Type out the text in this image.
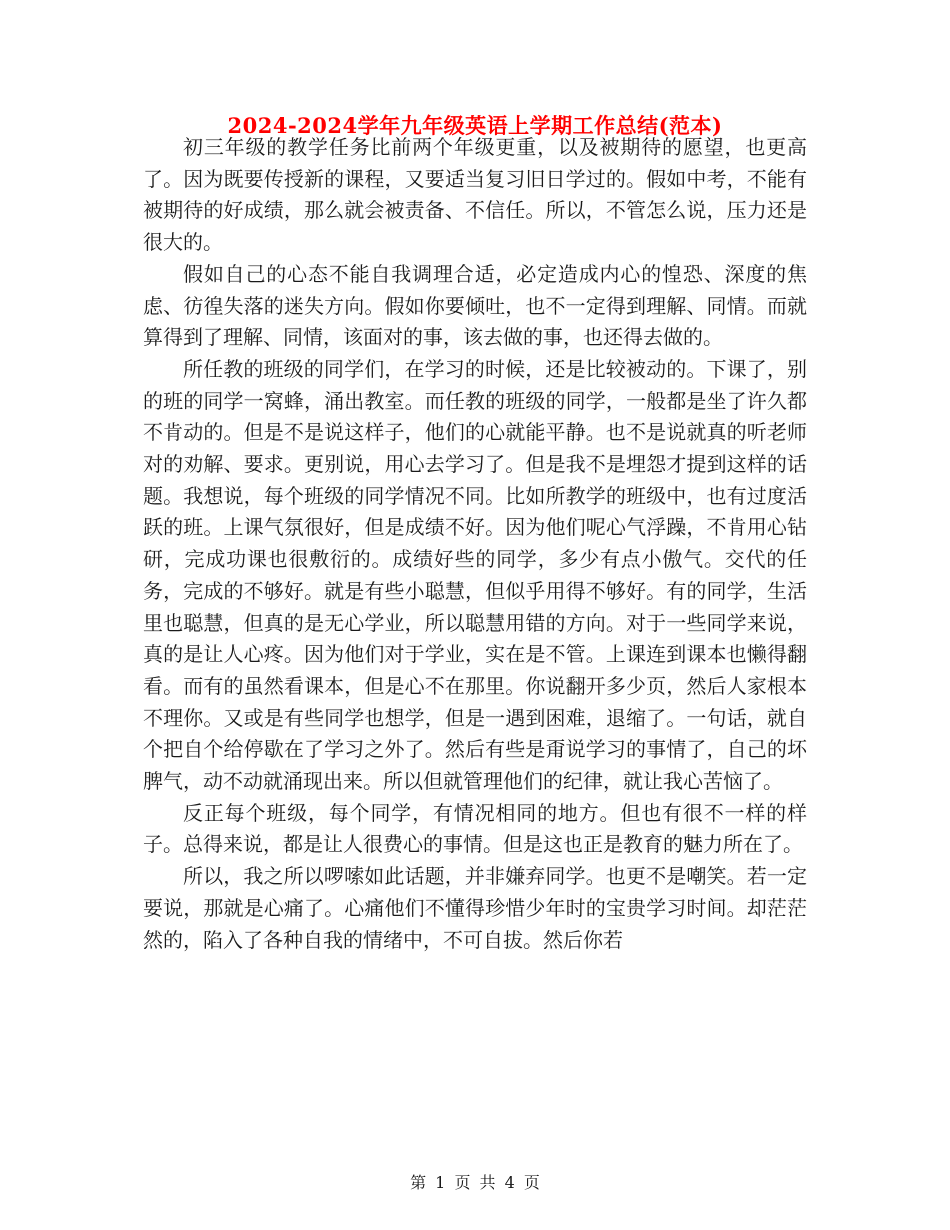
2024-2024学年九年级英语上学期工作总结(范本)

初三年级的教学任务比前两个年级更重，以及被期待的愿望，也更高了。因为既要传授新的课程，又要适当复习旧日学过的。假如中考，不能有被期待的好成绩，那么就会被责备、不信任。所以，不管怎么说，压力还是很大的。

假如自己的心态不能自我调理合适，必定造成内心的惶恐、深度的焦虑、彷徨失落的迷失方向。假如你要倾吐，也不一定得到理解、同情。而就算得到了理解、同情，该面对的事，该去做的事，也还得去做的。

所任教的班级的同学们，在学习的时候，还是比较被动的。下课了，别的班的同学一窝蜂，涌出教室。而任教的班级的同学，一般都是坐了许久都不肯动的。但是不是说这样子，他们的心就能平静。也不是说就真的听老师对的劝解、要求。更别说，用心去学习了。但是我不是埋怨才提到这样的话题。我想说，每个班级的同学情况不同。比如所教学的班级中，也有过度活跃的班。上课气氛很好，但是成绩不好。因为他们呢心气浮躁，不肯用心钻研，完成功课也很敷衍的。成绩好些的同学，多少有点小傲气。交代的任务，完成的不够好。就是有些小聪慧，但似乎用得不够好。有的同学，生活里也聪慧，但真的是无心学业，所以聪慧用错的方向。对于一些同学来说，真的是让人心疼。因为他们对于学业，实在是不管。上课连到课本也懒得翻看。而有的虽然看课本，但是心不在那里。你说翻开多少页，然后人家根本不理你。又或是有些同学也想学，但是一遇到困难，退缩了。一句话，就自个把自个给停歇在了学习之外了。然后有些是甭说学习的事情了，自己的坏脾气，动不动就涌现出来。所以但就管理他们的纪律，就让我心苦恼了。

反正每个班级，每个同学，有情况相同的地方。但也有很不一样的样子。总得来说，都是让人很费心的事情。但是这也正是教育的魅力所在了。

所以，我之所以啰嗦如此话题，并非嫌弃同学。也更不是嘲笑。若一定要说，那就是心痛了。心痛他们不懂得珍惜少年时的宝贵学习时间。却茫茫然的，陷入了各种自我的情绪中，不可自拔。然后你若

第 1 页 共 4 页
